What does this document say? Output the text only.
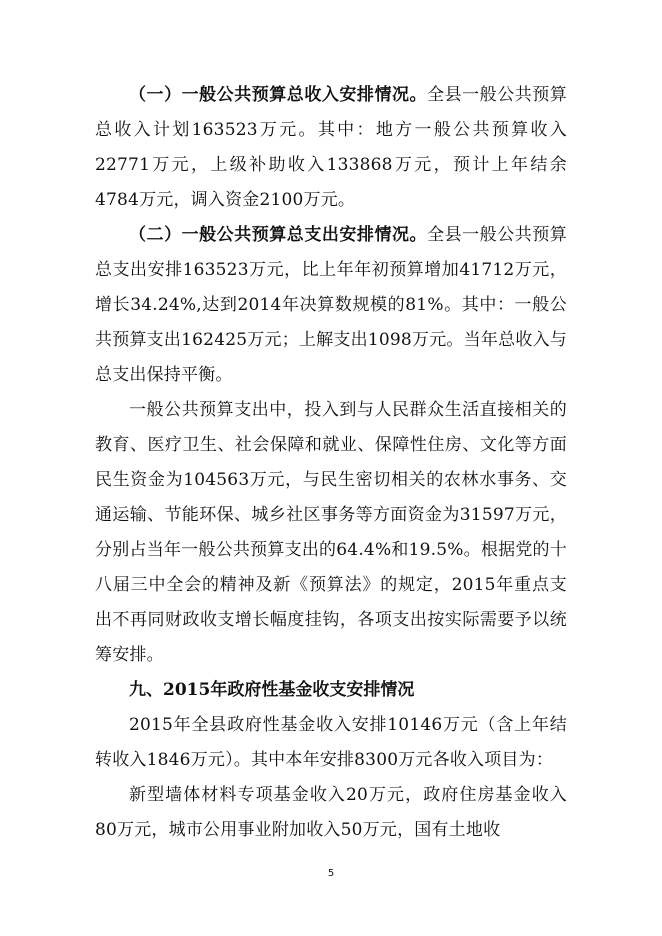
（一）一般公共预算总收入安排情况。全县一般公共预算总收入计划163523万元。其中：地方一般公共预算收入22771万元，上级补助收入133868万元，预计上年结余4784万元，调入资金2100万元。
（二）一般公共预算总支出安排情况。全县一般公共预算总支出安排163523万元，比上年年初预算增加41712万元，增长34.24%,达到2014年决算数规模的81%。其中：一般公共预算支出162425万元；上解支出1098万元。当年总收入与总支出保持平衡。
一般公共预算支出中，投入到与人民群众生活直接相关的教育、医疗卫生、社会保障和就业、保障性住房、文化等方面民生资金为104563万元，与民生密切相关的农林水事务、交通运输、节能环保、城乡社区事务等方面资金为31597万元，分别占当年一般公共预算支出的64.4%和19.5%。根据党的十八届三中全会的精神及新《预算法》的规定，2015年重点支出不再同财政收支增长幅度挂钩，各项支出按实际需要予以统筹安排。
九、2015年政府性基金收支安排情况
2015年全县政府性基金收入安排10146万元（含上年结转收入1846万元）。其中本年安排8300万元各收入项目为：
新型墙体材料专项基金收入20万元，政府住房基金收入80万元，城市公用事业附加收入50万元，国有土地收
5
